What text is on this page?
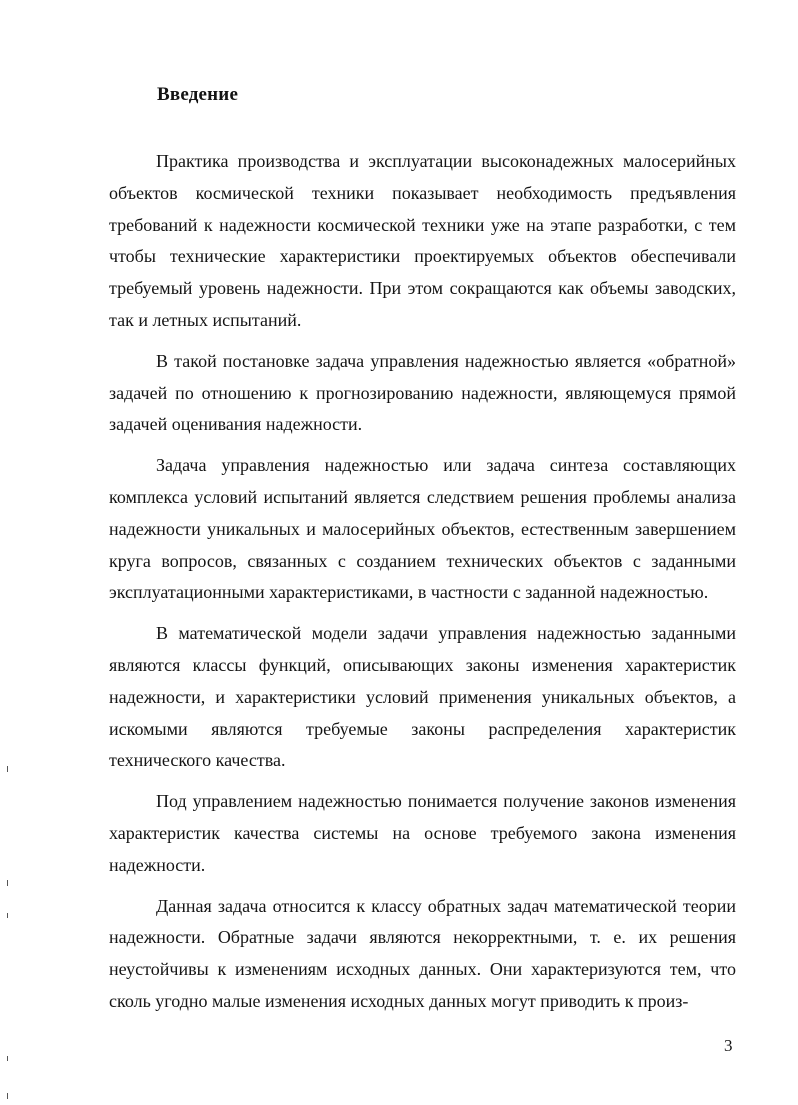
Введение

Практика производства и эксплуатации высоконадежных малосерийных объектов космической техники показывает необходимость предъявления требований к надежности космической техники уже на этапе разработки, с тем чтобы технические характеристики проектируемых объектов обеспечивали требуемый уровень надежности. При этом сокращаются как объемы заводских, так и летных испытаний.

В такой постановке задача управления надежностью является «обратной» задачей по отношению к прогнозированию надежности, являющемуся прямой задачей оценивания надежности.

Задача управления надежностью или задача синтеза составляющих комплекса условий испытаний является следствием решения проблемы анализа надежности уникальных и малосерийных объектов, естественным завершением круга вопросов, связанных с созданием технических объектов с заданными эксплуатационными характеристиками, в частности с заданной надежностью.

В математической модели задачи управления надежностью заданными являются классы функций, описывающих законы изменения характеристик надежности, и характеристики условий применения уникальных объектов, а искомыми являются требуемые законы распределения характеристик технического качества.

Под управлением надежностью понимается получение законов изменения характеристик качества системы на основе требуемого закона изменения надежности.

Данная задача относится к классу обратных задач математической теории надежности. Обратные задачи являются некорректными, т. е. их решения неустойчивы к изменениям исходных данных. Они характеризуются тем, что сколь угодно малые изменения исходных данных могут приводить к произ-

3
